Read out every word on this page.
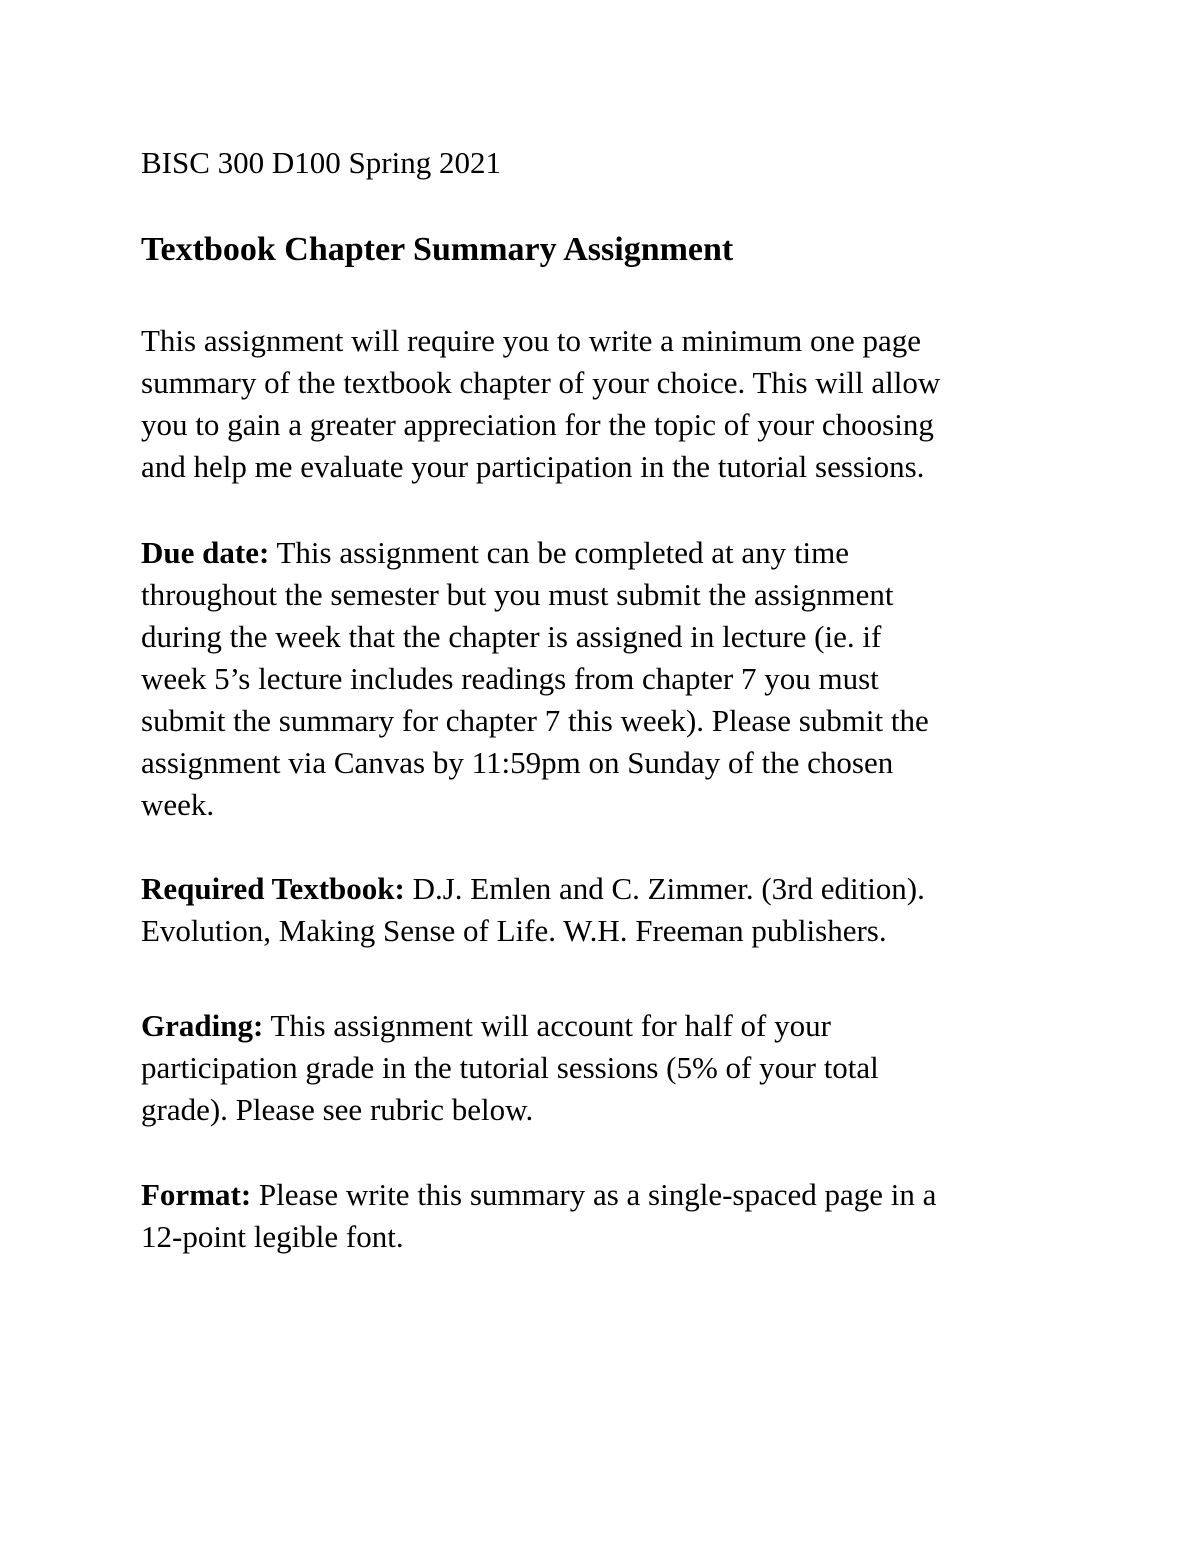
BISC 300 D100 Spring 2021

Textbook Chapter Summary Assignment

This assignment will require you to write a minimum one page
summary of the textbook chapter of your choice. This will allow
you to gain a greater appreciation for the topic of your choosing
and help me evaluate your participation in the tutorial sessions.

Due date: This assignment can be completed at any time
throughout the semester but you must submit the assignment
during the week that the chapter is assigned in lecture (ie. if
week 5’s lecture includes readings from chapter 7 you must
submit the summary for chapter 7 this week). Please submit the
assignment via Canvas by 11:59pm on Sunday of the chosen
week.

Required Textbook: D.J. Emlen and C. Zimmer. (3rd edition).
Evolution, Making Sense of Life. W.H. Freeman publishers.

Grading: This assignment will account for half of your
participation grade in the tutorial sessions (5% of your total
grade). Please see rubric below.

Format: Please write this summary as a single-spaced page in a
12-point legible font.
